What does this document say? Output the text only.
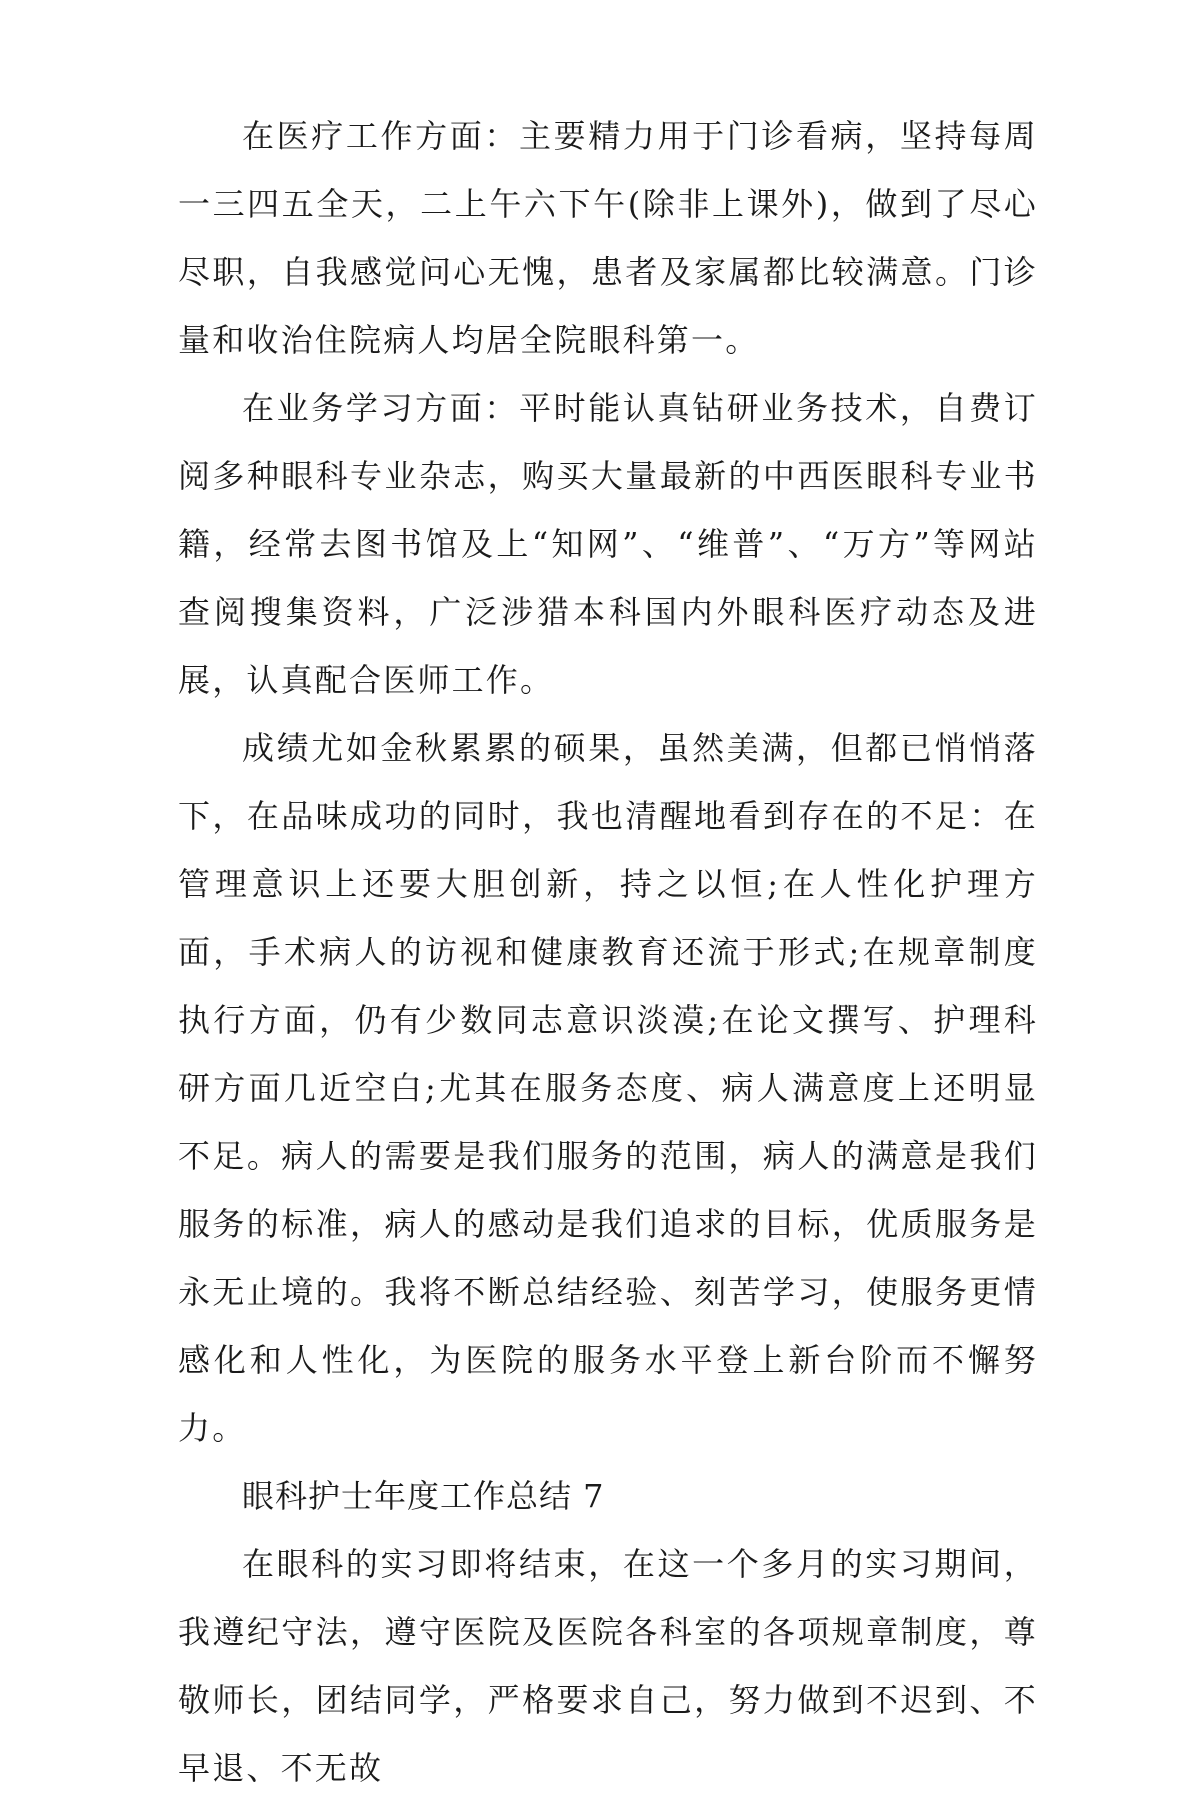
在医疗工作方面：主要精力用于门诊看病，坚持每周一三四五全天，二上午六下午(除非上课外)，做到了尽心尽职，自我感觉问心无愧，患者及家属都比较满意。门诊量和收治住院病人均居全院眼科第一。

在业务学习方面：平时能认真钻研业务技术，自费订阅多种眼科专业杂志，购买大量最新的中西医眼科专业书籍，经常去图书馆及上“知网”、“维普”、“万方”等网站查阅搜集资料，广泛涉猎本科国内外眼科医疗动态及进展，认真配合医师工作。

成绩尤如金秋累累的硕果，虽然美满，但都已悄悄落下，在品味成功的同时，我也清醒地看到存在的不足：在管理意识上还要大胆创新，持之以恒;在人性化护理方面，手术病人的访视和健康教育还流于形式;在规章制度执行方面，仍有少数同志意识淡漠;在论文撰写、护理科研方面几近空白;尤其在服务态度、病人满意度上还明显不足。病人的需要是我们服务的范围，病人的满意是我们服务的标准，病人的感动是我们追求的目标，优质服务是永无止境的。我将不断总结经验、刻苦学习，使服务更情感化和人性化，为医院的服务水平登上新台阶而不懈努力。

眼科护士年度工作总结 7

在眼科的实习即将结束，在这一个多月的实习期间，我遵纪守法，遵守医院及医院各科室的各项规章制度，尊敬师长，团结同学，严格要求自己，努力做到不迟到、不早退、不无故
